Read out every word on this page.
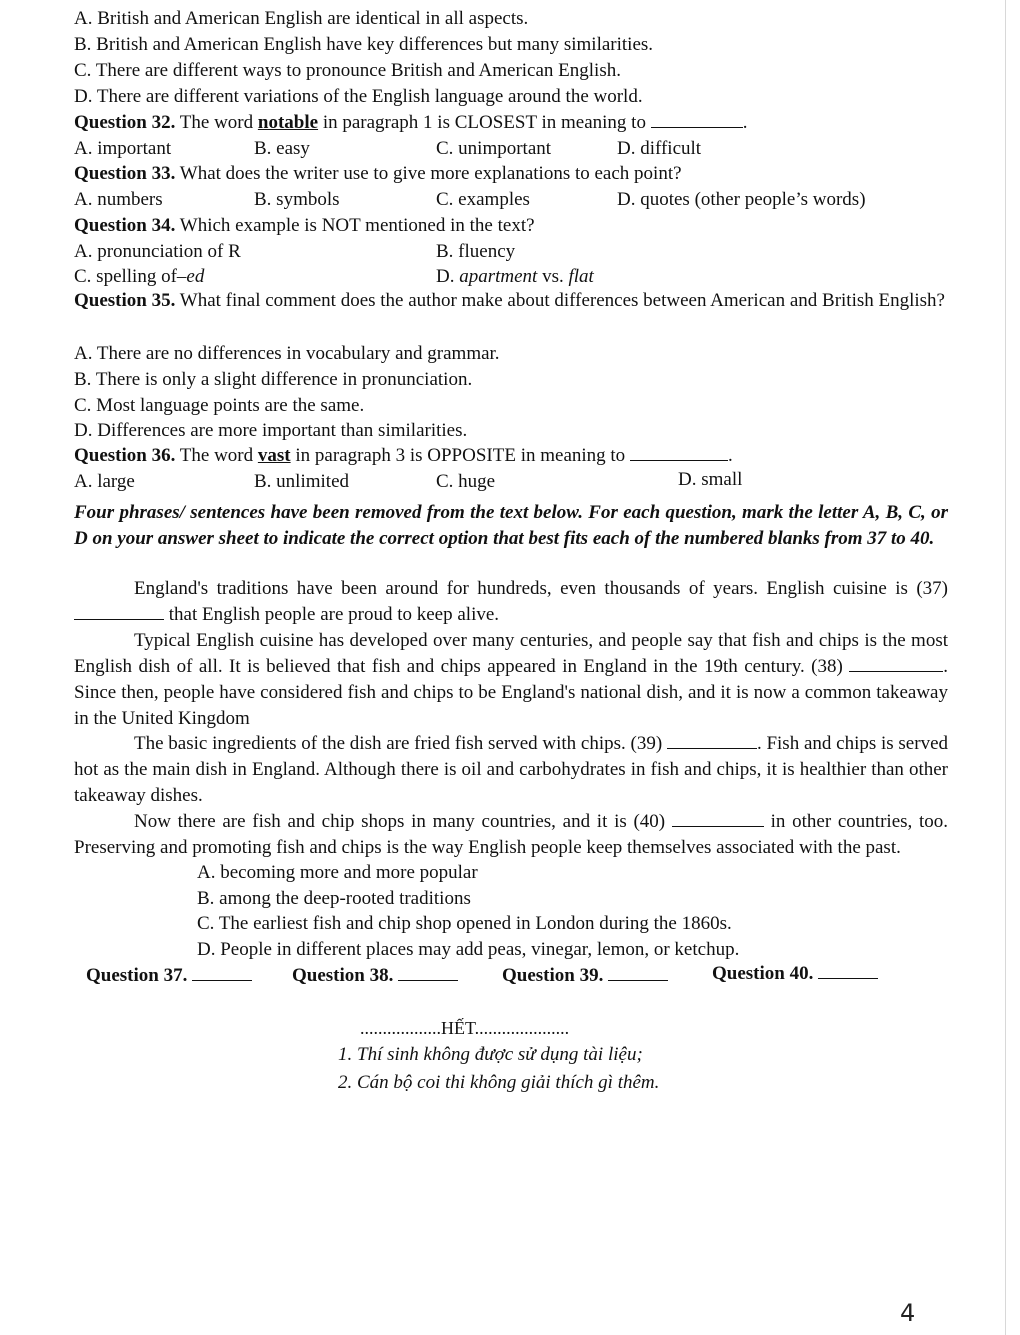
A. British and American English are identical in all aspects.
B. British and American English have key differences but many similarities.
C. There are different ways to pronounce British and American English.
D. There are different variations of the English language around the world.
Question 32. The word notable in paragraph 1 is CLOSEST in meaning to	.
A. important	B. easy	C. unimportant	D. difficult
Question 33. What does the writer use to give more explanations to each point?
A. numbers	B. symbols	C. examples	D. quotes (other people’s words)
Question 34. Which example is NOT mentioned in the text?
A. pronunciation of R	B. fluency
C. spelling of–ed	D. apartment vs. flat
Question 35. What final comment does the author make about differences between American and British English?
A. There are no differences in vocabulary and grammar.
B. There is only a slight difference in pronunciation.
C. Most language points are the same.
D. Differences are more important than similarities.
Question 36. The word vast in paragraph 3 is OPPOSITE in meaning to	.
A. large	B. unlimited	C. huge	D. small
Four phrases/ sentences have been removed from the text below. For each question, mark the letter A, B, C, or D on your answer sheet to indicate the correct option that best fits each of the numbered blanks from 37 to 40.
England's traditions have been around for hundreds, even thousands of years. English cuisine is (37)  that English people are proud to keep alive.
Typical English cuisine has developed over many centuries, and people say that fish and chips is the most English dish of all. It is believed that fish and chips appeared in England in the 19th century. (38)	. Since then, people have considered fish and chips to be England's national dish, and it is now a common takeaway in the United Kingdom
The basic ingredients of the dish are fried fish served with chips. (39)	. Fish and chips is served hot as the main dish in England. Although there is oil and carbohydrates in fish and chips, it is healthier than other takeaway dishes.
Now there are fish and chip shops in many countries, and it is (40)	in other countries, too. Preserving and promoting fish and chips is the way English people keep themselves associated with the past.
A. becoming more and more popular
B. among the deep-rooted traditions
C. The earliest fish and chip shop opened in London during the 1860s.
D. People in different places may add peas, vinegar, lemon, or ketchup.
Question 37.	Question 38.	Question 39.	Question 40.
..................HẾT.....................
1. Thí sinh không được sử dụng tài liệu;
2. Cán bộ coi thi không giải thích gì thêm.
4
